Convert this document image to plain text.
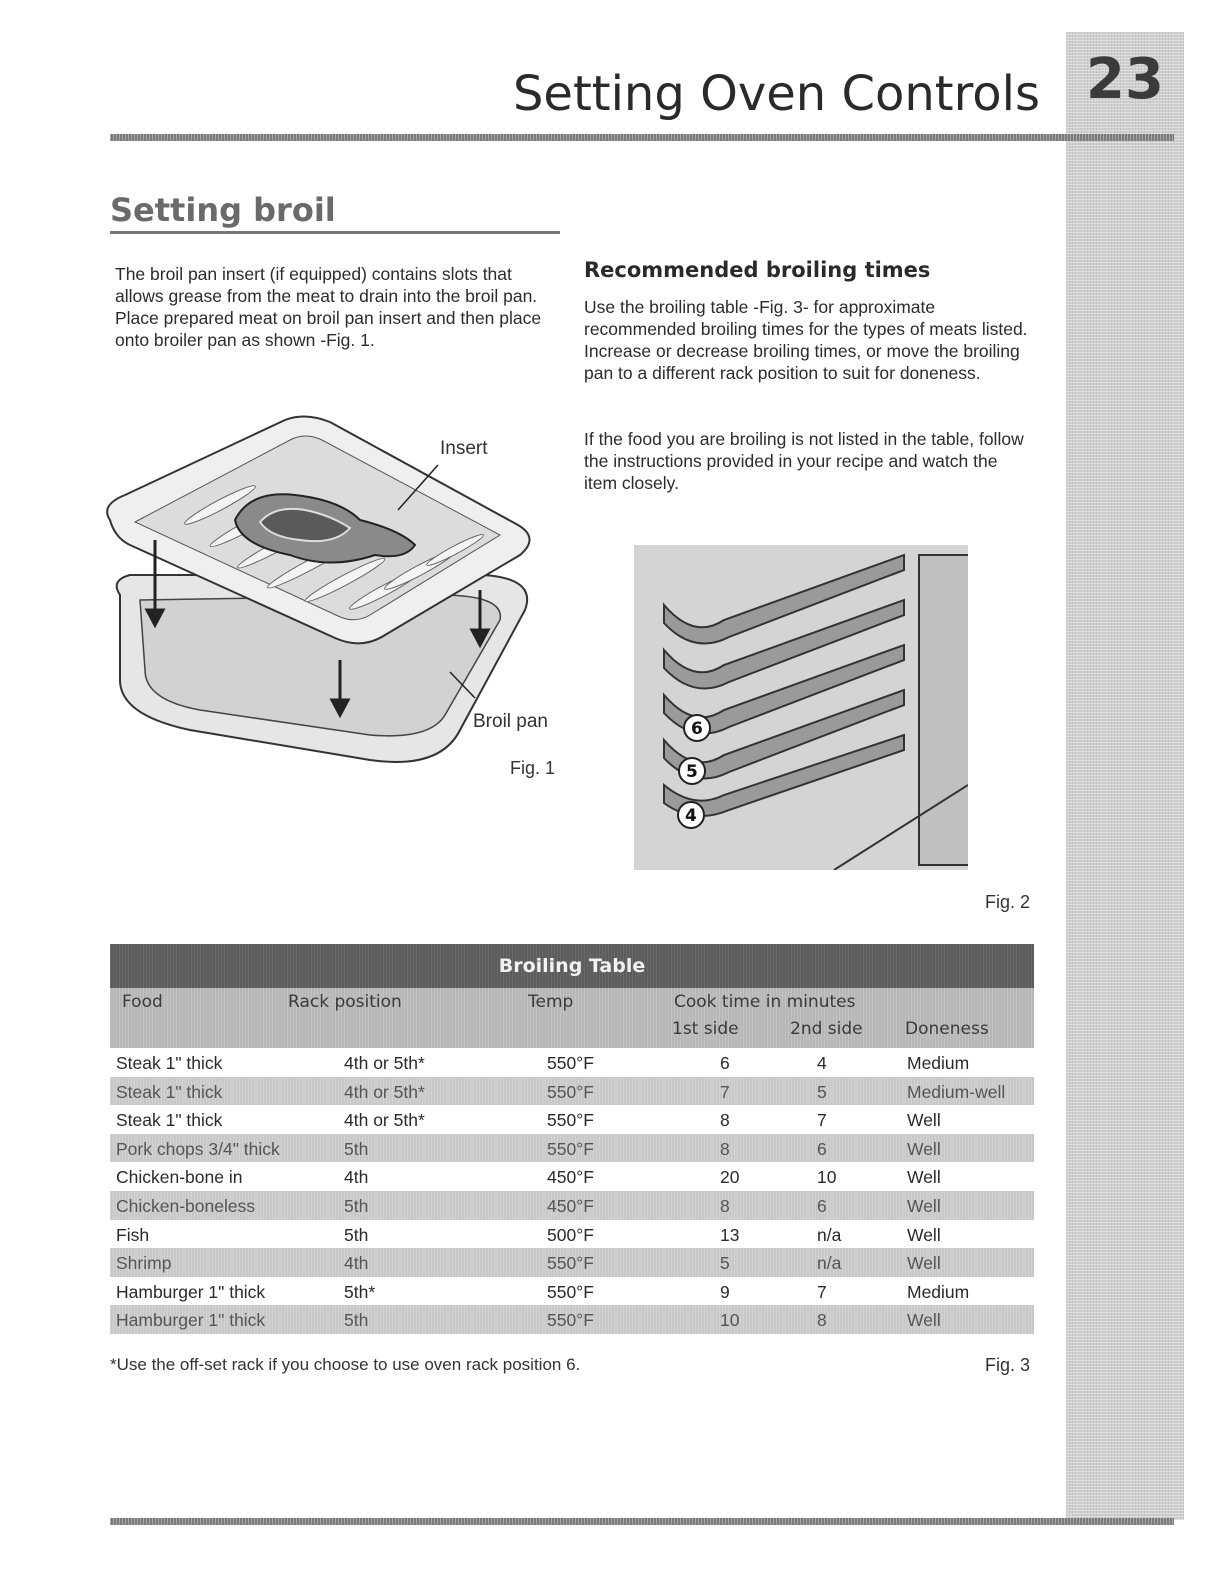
23
Setting Oven Controls
Setting broil
The broil pan insert (if equipped) contains slots that allows grease from the meat to drain into the broil pan. Place prepared meat on broil pan insert and then place onto broiler pan as shown -Fig. 1.
Insert
Broil pan
Fig. 1
Recommended broiling times
Use the broiling table -Fig. 3- for approximate recommended broiling times for the types of meats listed. Increase or decrease broiling times, or move the broiling pan to a different rack position to suit for doneness.
If the food you are broiling is not listed in the table, follow the instructions provided in your recipe and watch the item closely.
6
5
4
Fig. 2
Broiling Table
Food	Rack position	Temp	Cook time in minutes
1st side	2nd side Doneness
Steak 1" thick	4th or 5th*	550°F	6	4	Medium
Steak 1" thick	4th or 5th*	550°F	7	5	Medium-well
Steak 1" thick	4th or 5th*	550°F	8	7	Well
Pork chops 3/4" thick	5th	550°F	8	6	Well
Chicken-bone in	4th	450°F	20	10	Well
Chicken-boneless	5th	450°F	8	6	Well
Fish	5th	500°F	13	n/a	Well
Shrimp	4th	550°F	5	n/a	Well
Hamburger 1" thick	5th*	550°F	9	7	Medium
Hamburger 1" thick	5th	550°F	10	8	Well
*Use the off-set rack if you choose to use oven rack position 6.	Fig. 3
